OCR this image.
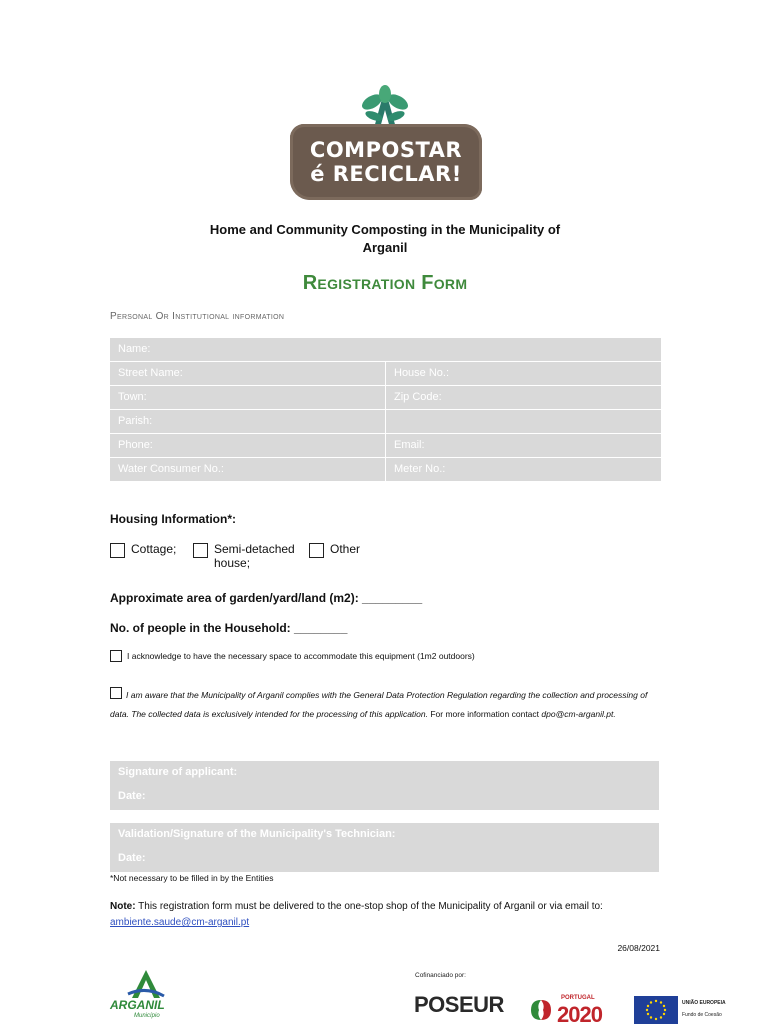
COMPOSTAR
é RECICLAR!
Home and Community Composting in the Municipality of
Arganil
Registration Form
Personal Or Institutional information
Name:
Street Name:	House No.:
Town:	Zip Code:
Parish:
Phone:	Email:
Water Consumer No.:	Meter No.:
Housing Information*:
Cottage;	Semi-detached house;
Other
Approximate area of garden/yard/land (m2): _________
No. of people in the Household: ________
I acknowledge to have the necessary space to accommodate this equipment (1m2 outdoors)
I am aware that the Municipality of Arganil complies with the General Data Protection Regulation regarding the collection and processing of data. The collected data is exclusively intended for the processing of this application. For more information contact dpo@cm-arganil.pt.
Signature of applicant:
Date:
Validation/Signature of the Municipality's Technician:
Date:
*Not necessary to be filled in by the Entities
Note: This registration form must be delivered to the one-stop shop of the Municipality of Arganil or via email to: ambiente.saude@cm-arganil.pt
26/08/2021
ARGANIL
Município
Cofinanciado por:
POSEUR	PORTUGAL
2020	UNIÃO EUROPEIA
Fundo de Coesão
